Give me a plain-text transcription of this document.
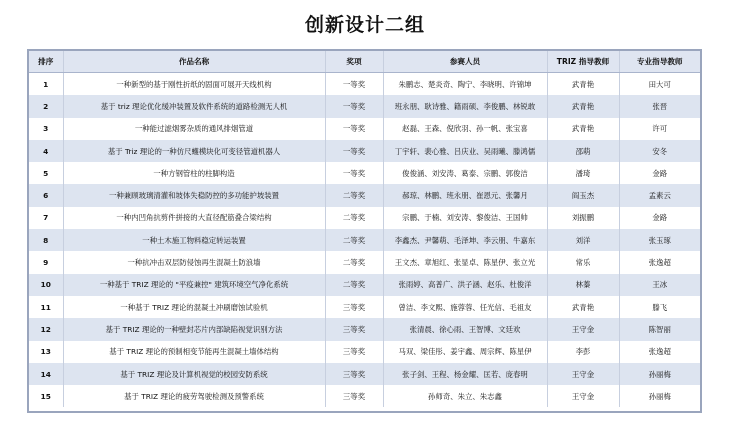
创新设计二组
排序	作品名称	奖项	参赛人员	TRIZ 指导教师	专业指导教师
1	一种新型的基于刚性折纸的固面可展开天线机构	一等奖	朱鹏志、楚炎奇、陶宁、李晓明、许锦坤	武青艳	田大可
2	基于 triz 理论优化缓冲装置及软件系统的道路检测无人机	一等奖	班永朋、耿诗雅、籍雨硕、李俊鹏、林锐敢	武青艳	张晋
3	一种能过滤烟雾杂质的通风排烟管道	一等奖	赵磊、王森、倪欣羽、孙一帆、张宝喜	武青艳	许可
4	基于 Triz 理论的一种仿尺蠖模块化可变径管道机器人	一等奖	丁宇轩、裴心雅、吕庆业、吴雨曦、滕鸿儒	邵萌	安冬
5	一种方钢管柱的柱脚构造	一等奖	俊俊涵、刘安涛、葛泰、宗鹏、郭俊洁	潘琦	金路
6	一种兼顾玻璃清灌和坡体失稳防控的多功能护坡装置	二等奖	郝琼、林鹏、班永朋、崔恩元、张馨月	阎玉杰	孟素云
7	一种内凹角抗剪件拼接的大直径配筋叠合梁结构	二等奖	宗鹏、于楠、刘安涛、黎俊洁、王国帅	刘振鹏	金路
8	一种土木施工物料稳定转运装置	二等奖	李鑫杰、尹馨萌、毛泽坤、李云朋、牛嘉东	刘洋	张玉琢
9	一种抗冲击双层防侵蚀再生混凝土防浪墙	二等奖	王文杰、章旭红、张显卓、陈星伊、张立光	常乐	张逸超
10	一种基于 TRIZ 理论的 "平疫兼控" 建筑环境空气净化系统	二等奖	张雨婷、高普广、洪子涵、赵乐、杜俊洋	林蓁	王冰
11	一种基于 TRIZ 理论的混凝土冲刷磨蚀试验机	三等奖	曾洁、李文熙、施蓉蓉、任光信、毛祖友	武青艳	滕飞
12	基于 TRIZ 理论的一种壁封芯片内部缺陷视觉识别方法	三等奖	张清晨、徐心雨、王智博、文廷欢	王守金	陈智丽
13	基于 TRIZ 理论的预制相变节能再生混凝土墙体结构	三等奖	马双、梁佳彤、姜宇鑫、周宗辉、陈星伊	李彭	张逸超
14	基于 TRIZ 理论及计算机视觉的校园安防系统	三等奖	张子剑、王程、杨金耀、匡若、庞春明	王守金	孙丽梅
15	基于 TRIZ 理论的疲劳驾驶检测及预警系统	三等奖	孙师奇、朱立、朱志鑫	王守金	孙丽梅
